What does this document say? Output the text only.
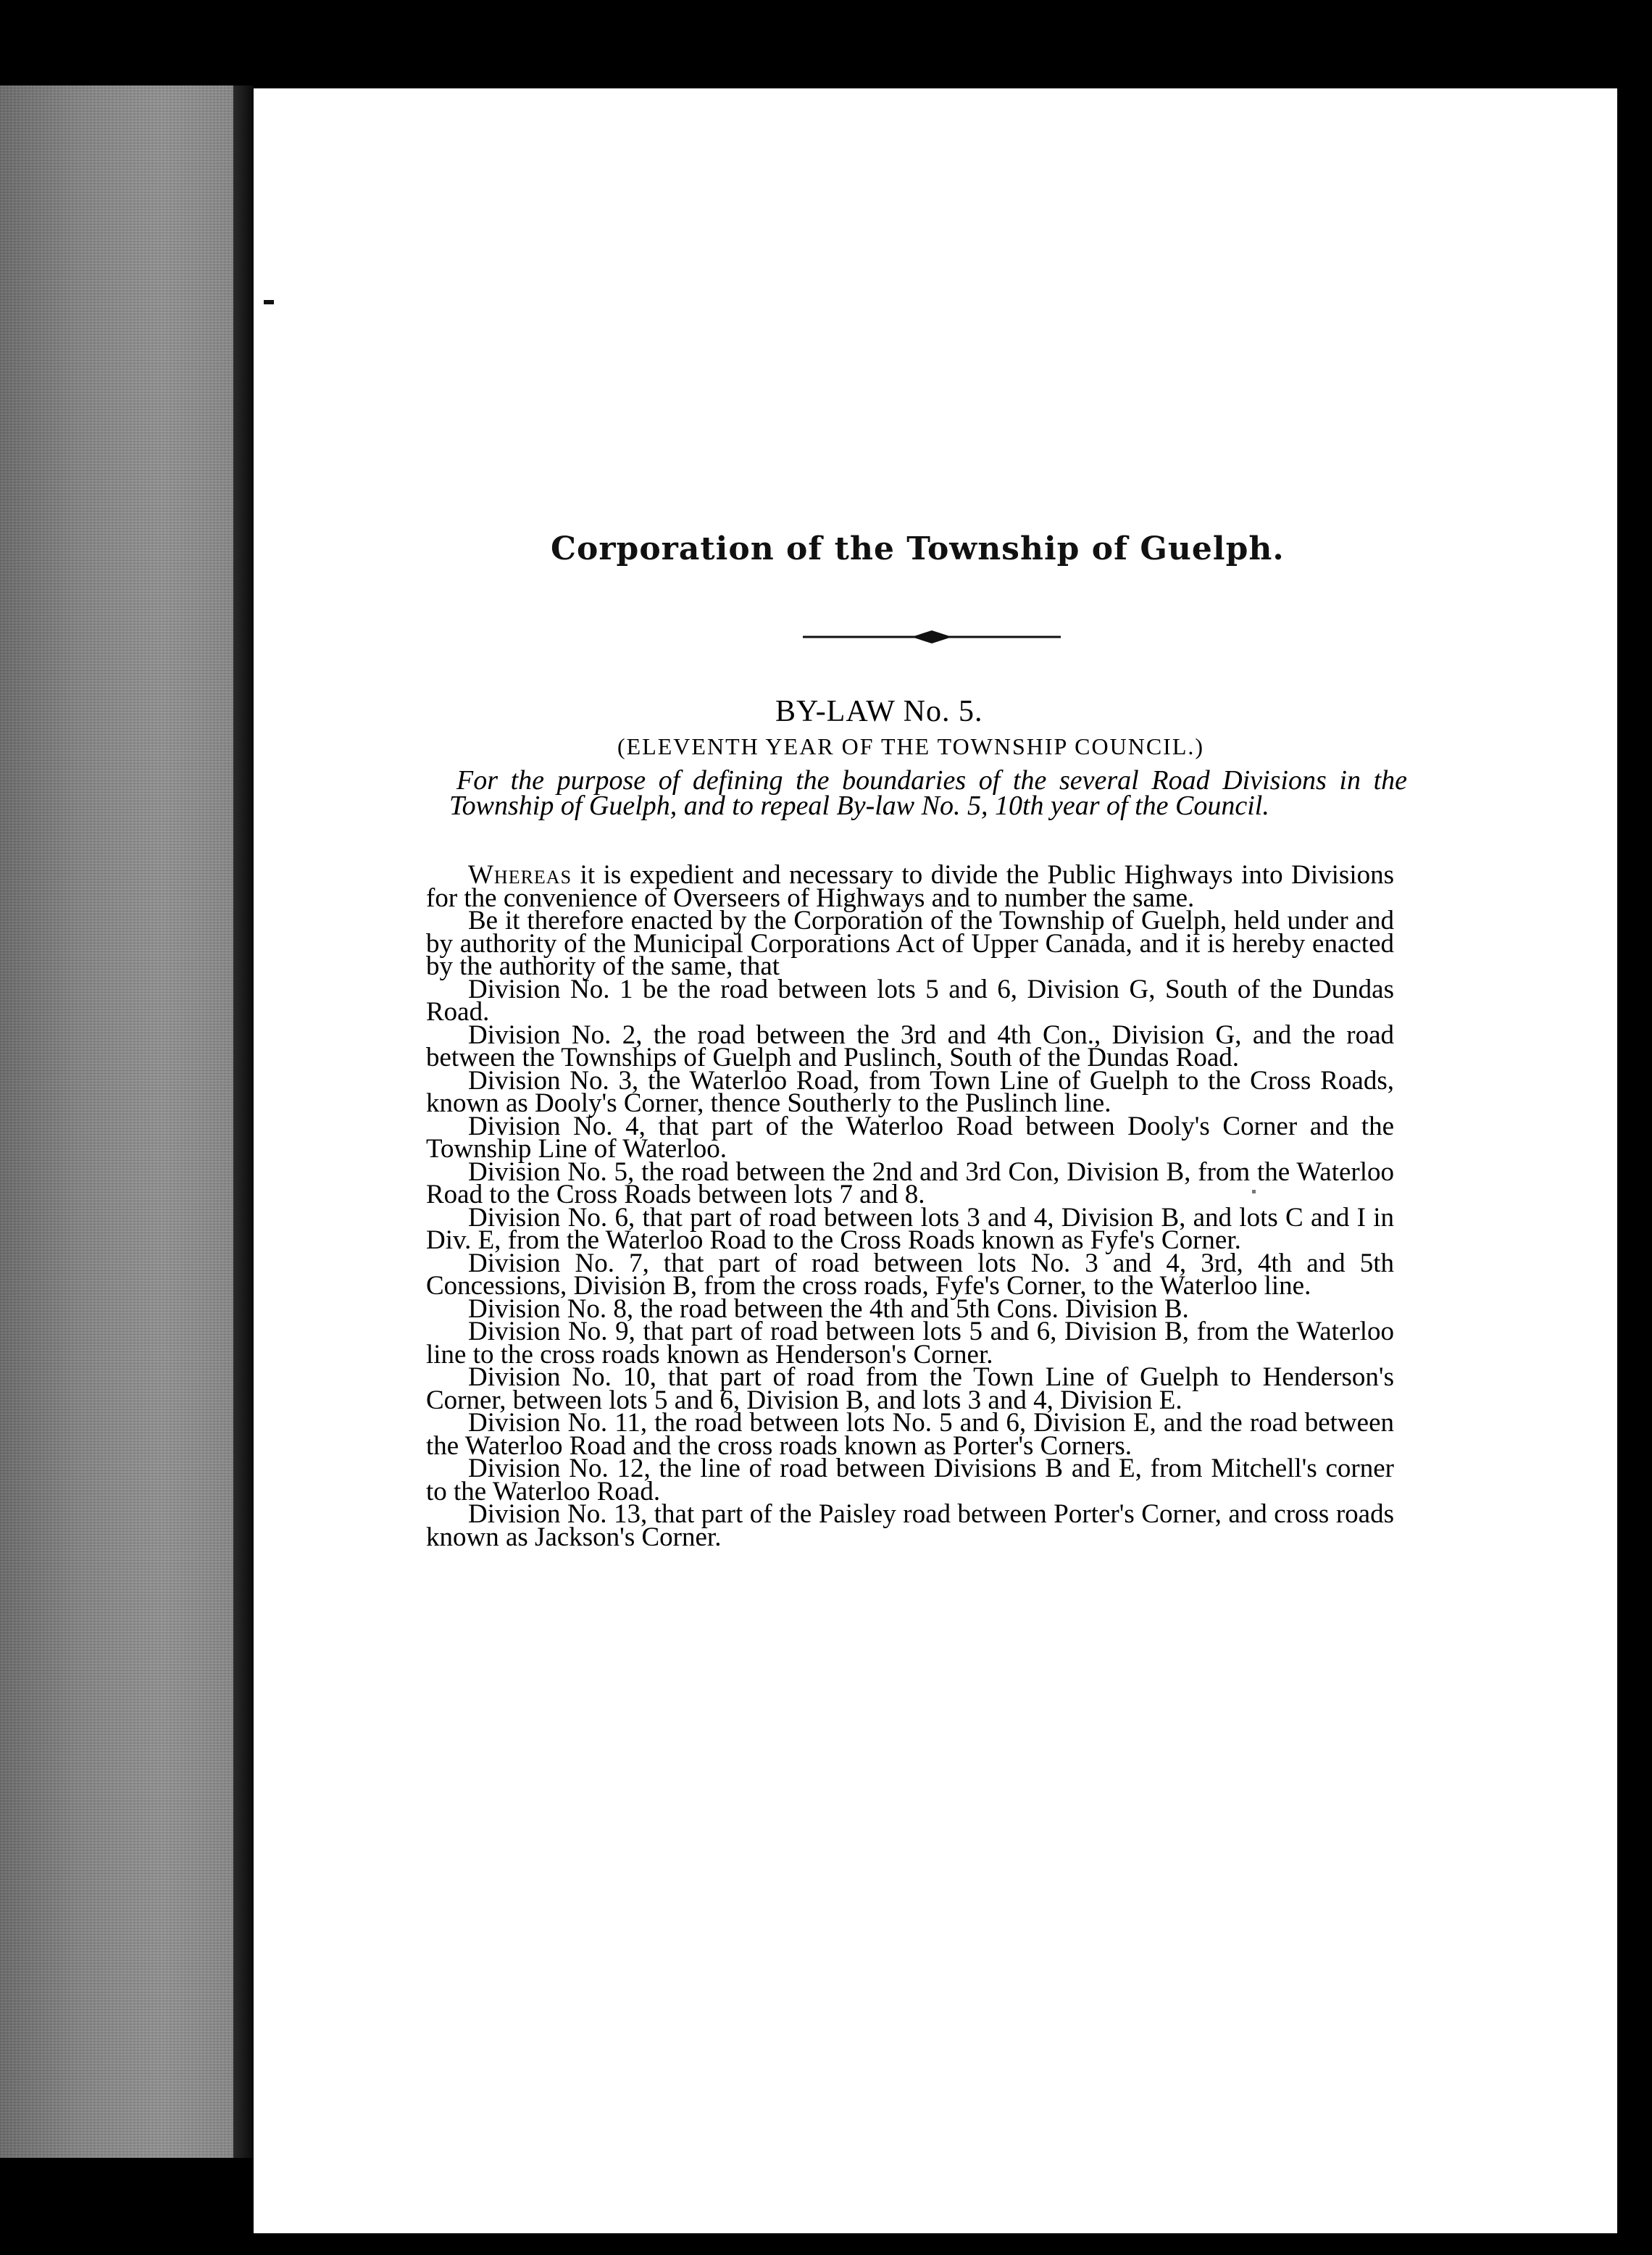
Corporation of the Township of Guelph.
BY-LAW No. 5.
(ELEVENTH YEAR OF THE TOWNSHIP COUNCIL.)
For the purpose of defining the boundaries of the several Road Divisions in the Township of Guelph, and to repeal By-law No. 5, 10th year of the Council.

Whereas it is expedient and necessary to divide the Public Highways into Divisions for the convenience of Overseers of Highways and to number the same.

Be it therefore enacted by the Corporation of the Township of Guelph, held under and by authority of the Municipal Corporations Act of Upper Canada, and it is hereby enacted by the authority of the same, that

Division No. 1 be the road between lots 5 and 6, Division G, South of the Dundas Road.

Division No. 2, the road between the 3rd and 4th Con., Division G, and the road between the Townships of Guelph and Puslinch, South of the Dundas Road.

Division No. 3, the Waterloo Road, from Town Line of Guelph to the Cross Roads, known as Dooly's Corner, thence Southerly to the Puslinch line.

Division No. 4, that part of the Waterloo Road between Dooly's Corner and the Township Line of Waterloo.

Division No. 5, the road between the 2nd and 3rd Con, Division B, from the Waterloo Road to the Cross Roads between lots 7 and 8.

Division No. 6, that part of road between lots 3 and 4, Division B, and lots C and I in Div. E, from the Waterloo Road to the Cross Roads known as Fyfe's Corner.

Division No. 7, that part of road between lots No. 3 and 4, 3rd, 4th and 5th Concessions, Division B, from the cross roads, Fyfe's Corner, to the Waterloo line.

Division No. 8, the road between the 4th and 5th Cons. Division B.

Division No. 9, that part of road between lots 5 and 6, Division B, from the Waterloo line to the cross roads known as Henderson's Corner.

Division No. 10, that part of road from the Town Line of Guelph to Henderson's Corner, between lots 5 and 6, Division B, and lots 3 and 4, Division E.

Division No. 11, the road between lots No. 5 and 6, Division E, and the road between the Waterloo Road and the cross roads known as Porter's Corners.

Division No. 12, the line of road between Divisions B and E, from Mitchell's corner to the Waterloo Road.

Division No. 13, that part of the Paisley road between Porter's Corner, and cross roads known as Jackson's Corner.
